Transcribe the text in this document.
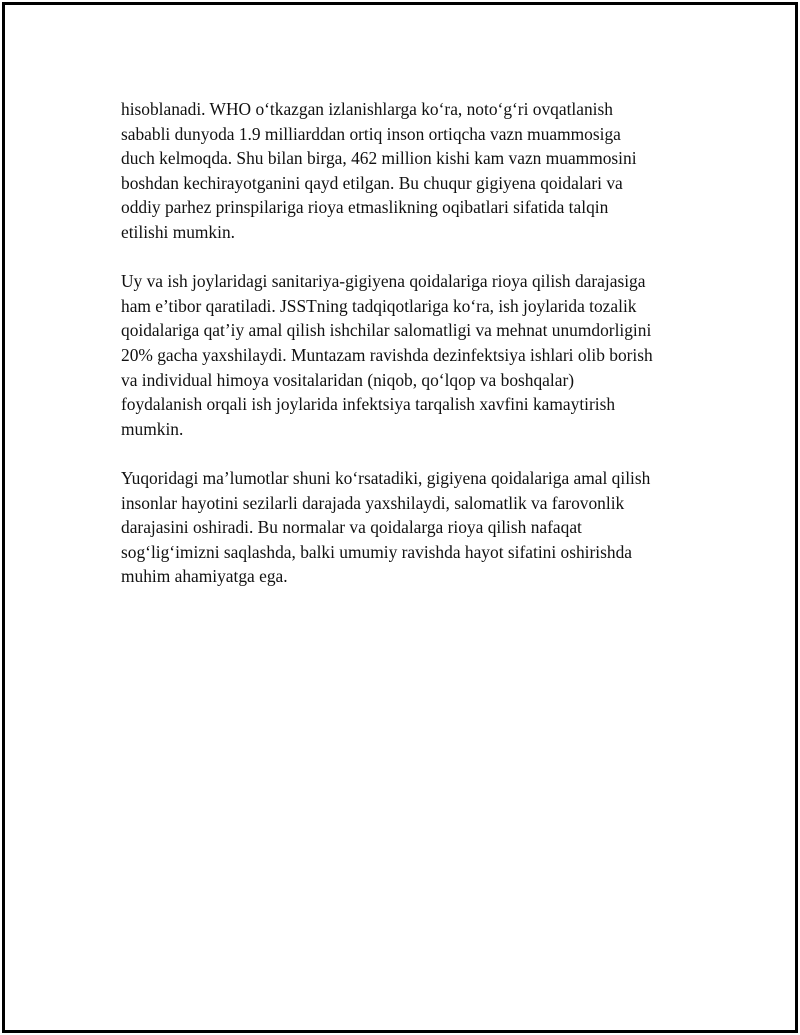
hisoblanadi. WHO o‘tkazgan izlanishlarga ko‘ra, noto‘g‘ri ovqatlanish
sababli dunyoda 1.9 milliarddan ortiq inson ortiqcha vazn muammosiga
duch kelmoqda. Shu bilan birga, 462 million kishi kam vazn muammosini
boshdan kechirayotganini qayd etilgan. Bu chuqur gigiyena qoidalari va
oddiy parhez prinspilariga rioya etmaslikning oqibatlari sifatida talqin
etilishi mumkin.

Uy va ish joylaridagi sanitariya-gigiyena qoidalariga rioya qilish darajasiga
ham e’tibor qaratiladi. JSSTning tadqiqotlariga ko‘ra, ish joylarida tozalik
qoidalariga qat’iy amal qilish ishchilar salomatligi va mehnat unumdorligini
20% gacha yaxshilaydi. Muntazam ravishda dezinfektsiya ishlari olib borish
va individual himoya vositalaridan (niqob, qo‘lqop va boshqalar)
foydalanish orqali ish joylarida infektsiya tarqalish xavfini kamaytirish
mumkin.

Yuqoridagi ma’lumotlar shuni ko‘rsatadiki, gigiyena qoidalariga amal qilish
insonlar hayotini sezilarli darajada yaxshilaydi, salomatlik va farovonlik
darajasini oshiradi. Bu normalar va qoidalarga rioya qilish nafaqat
sog‘lig‘imizni saqlashda, balki umumiy ravishda hayot sifatini oshirishda
muhim ahamiyatga ega.
